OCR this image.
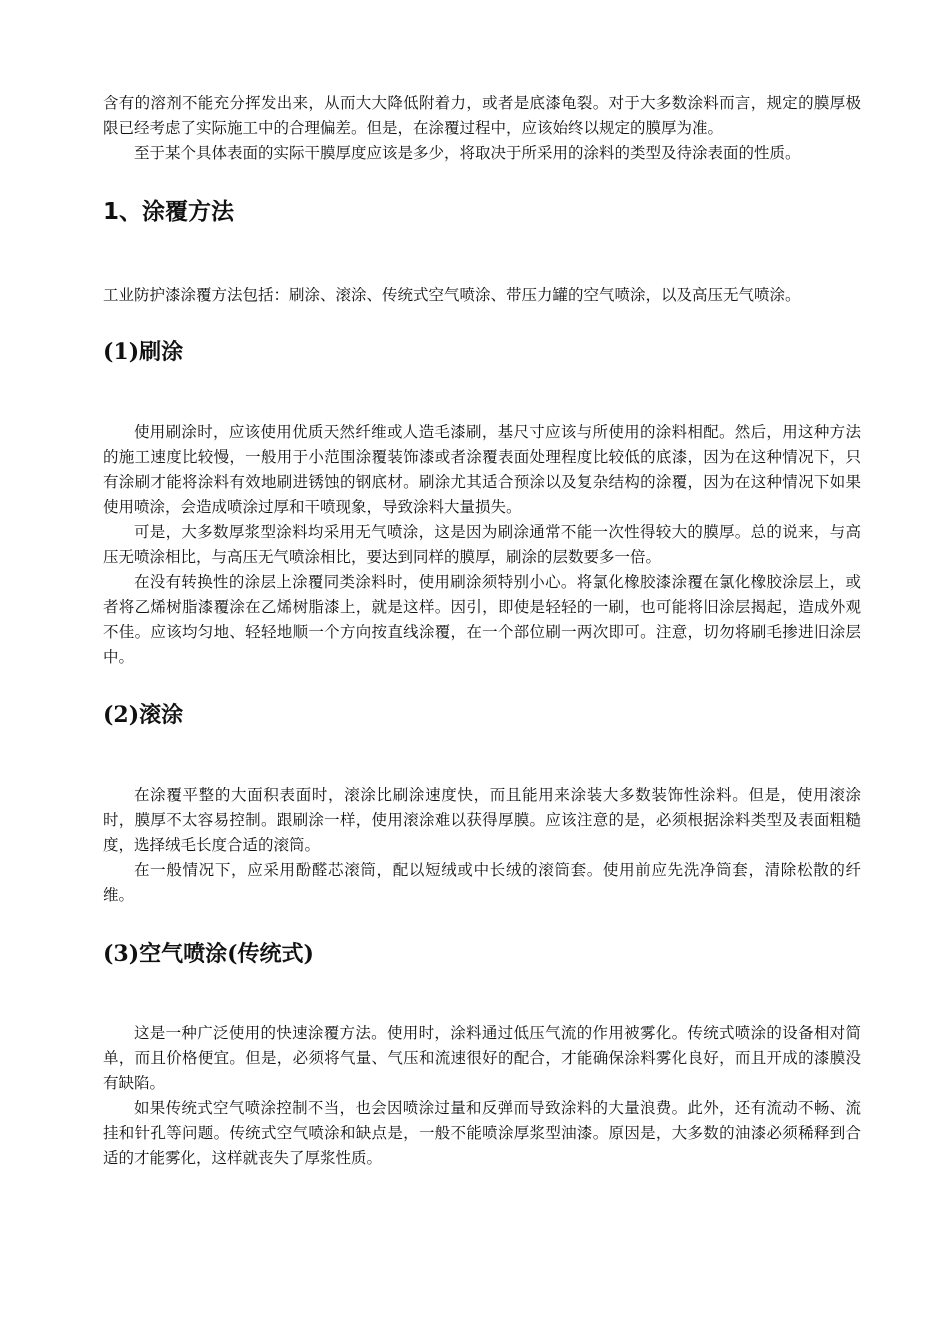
含有的溶剂不能充分挥发出来，从而大大降低附着力，或者是底漆龟裂。对于大多数涂料而言，规定的膜厚极限已经考虑了实际施工中的合理偏差。但是，在涂覆过程中，应该始终以规定的膜厚为准。

至于某个具体表面的实际干膜厚度应该是多少，将取决于所采用的涂料的类型及待涂表面的性质。

1、涂覆方法

工业防护漆涂覆方法包括：刷涂、滚涂、传统式空气喷涂、带压力罐的空气喷涂，以及高压无气喷涂。

(1)刷涂

使用刷涂时，应该使用优质天然纤维或人造毛漆刷，基尺寸应该与所使用的涂料相配。然后，用这种方法的施工速度比较慢，一般用于小范围涂覆装饰漆或者涂覆表面处理程度比较低的底漆，因为在这种情况下，只有涂刷才能将涂料有效地刷进锈蚀的钢底材。刷涂尤其适合预涂以及复杂结构的涂覆，因为在这种情况下如果使用喷涂，会造成喷涂过厚和干喷现象，导致涂料大量损失。

可是，大多数厚浆型涂料均采用无气喷涂，这是因为刷涂通常不能一次性得较大的膜厚。总的说来，与高压无喷涂相比，与高压无气喷涂相比，要达到同样的膜厚，刷涂的层数要多一倍。

在没有转换性的涂层上涂覆同类涂料时，使用刷涂须特别小心。将氯化橡胶漆涂覆在氯化橡胶涂层上，或者将乙烯树脂漆覆涂在乙烯树脂漆上，就是这样。因引，即使是轻轻的一刷，也可能将旧涂层揭起，造成外观不佳。应该均匀地、轻轻地顺一个方向按直线涂覆，在一个部位刷一两次即可。注意，切勿将刷毛掺进旧涂层中。

(2)滚涂

在涂覆平整的大面积表面时，滚涂比刷涂速度快，而且能用来涂装大多数装饰性涂料。但是，使用滚涂时，膜厚不太容易控制。跟刷涂一样，使用滚涂难以获得厚膜。应该注意的是，必须根据涂料类型及表面粗糙度，选择绒毛长度合适的滚筒。

在一般情况下，应采用酚醛芯滚筒，配以短绒或中长绒的滚筒套。使用前应先洗净筒套，清除松散的纤维。

(3)空气喷涂(传统式)

这是一种广泛使用的快速涂覆方法。使用时，涂料通过低压气流的作用被雾化。传统式喷涂的设备相对简单，而且价格便宜。但是，必须将气量、气压和流速很好的配合，才能确保涂料雾化良好，而且开成的漆膜没有缺陷。

如果传统式空气喷涂控制不当，也会因喷涂过量和反弹而导致涂料的大量浪费。此外，还有流动不畅、流挂和针孔等问题。传统式空气喷涂和缺点是，一般不能喷涂厚浆型油漆。原因是，大多数的油漆必须稀释到合适的才能雾化，这样就丧失了厚浆性质。
